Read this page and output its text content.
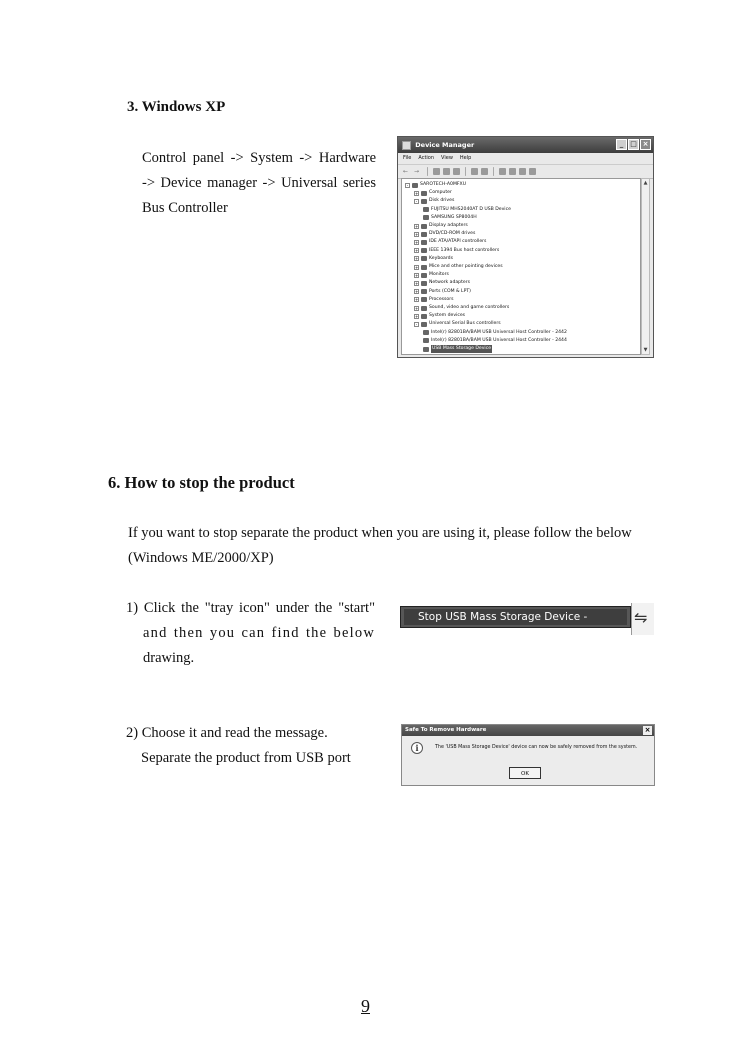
3. Windows XP
Control panel -> System -> Hardware
-> Device manager -> Universal series
Bus Controller
Device Manager	_ □ ×
File Action View Help
← →
-	SAROTECH-A0MFXU
+ Computer
-	Disk drives
FUJITSU MHS2040AT D USB Device
SAMSUNG SP8004H
+ Display adapters
+ DVD/CD-ROM drives
+ IDE ATA/ATAPI controllers
+ IEEE 1394 Bus host controllers
+ Keyboards
+ Mice and other pointing devices
+ Monitors
+ Network adapters
+ Ports (COM & LPT)
+ Processors
+ Sound, video and game controllers
+ System devices
-	Universal Serial Bus controllers
Intel(r) 82801BA/BAM USB Universal Host Controller - 2442
Intel(r) 82801BA/BAM USB Universal Host Controller - 2444
USB Mass Storage Device
▲
▼
6. How to stop the product
If you want to stop separate the product when you are using it, please follow the below
(Windows ME/2000/XP)
1) Click the "tray icon" under the "start"
and then you can find the below
drawing.
Stop USB Mass Storage Device - Drive(F:)
⇋
2) Choose it and read the message.
Separate the product from USB port
Safe To Remove Hardware	×
i	The 'USB Mass Storage Device' device can now be safely removed from the system.
OK
9
